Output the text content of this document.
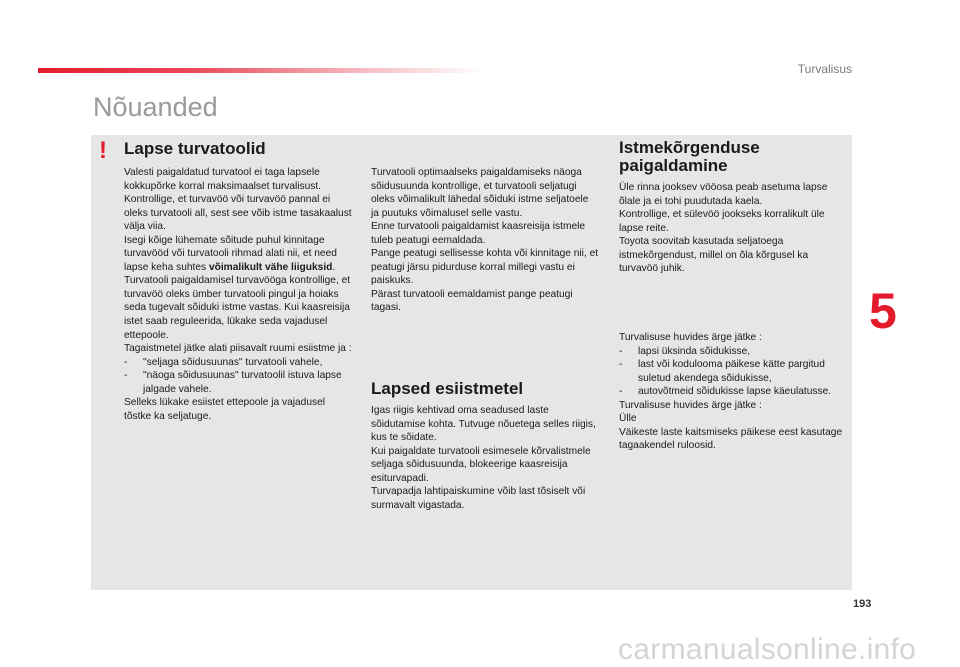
Turvalisus
Nõuanded
! Lapse turvatoolid

Valesti paigaldatud turvatool ei taga lapsele kokkupõrke korral maksimaalset turvalisust. Kontrollige, et turvavöö või turvavöö pannal ei oleks turvatooli all, sest see võib istme tasakaalust välja viia.

Isegi kõige lühemate sõitude puhul kinnitage turvavööd või turvatooli rihmad alati nii, et need lapse keha suhtes võimalikult vähe liiguksid.

Turvatooli paigaldamisel turvavööga kontrollige, et turvavöö oleks ümber turvatooli pingul ja hoiaks seda tugevalt sõiduki istme vastas. Kui kaasreisija istet saab reguleerida, lükake seda vajadusel ettepoole.

Tagaistmetel jätke alati piisavalt ruumi esiistme ja :

-	"seljaga sõidusuunas" turvatooli vahele,
-	"näoga sõidusuunas" turvatoolil istuva lapse jalgade vahele.

Selleks lükake esiistet ettepoole ja vajadusel tõstke ka seljatuge.

Turvatooli optimaalseks paigaldamiseks näoga sõidusuunda kontrollige, et turvatooli seljatugi oleks võimalikult lähedal sõiduki istme seljatoele ja puutuks võimalusel selle vastu.

Enne turvatooli paigaldamist kaasreisija istmele tuleb peatugi eemaldada.

Pange peatugi sellisesse kohta või kinnitage nii, et peatugi järsu pidurduse korral millegi vastu ei paiskuks.

Pärast turvatooli eemaldamist pange peatugi tagasi.

Lapsed esiistmetel

Igas riigis kehtivad oma seadused laste sõidutamise kohta. Tutvuge nõuetega selles riigis, kus te sõidate.

Kui paigaldate turvatooli esimesele kõrvalistmele seljaga sõidusuunda, blokeerige kaasreisija esiturvapadi.

Turvapadja lahtipaiskumine võib last tõsiselt või surmavalt vigastada.

Istmekõrgenduse paigaldamine

Üle rinna jooksev vööosa peab asetuma lapse õlale ja ei tohi puudutada kaela.

Kontrollige, et sülevöö jookseks korralikult üle lapse reite.

Toyota soovitab kasutada seljatoega istmekõrgendust, millel on õla kõrgusel ka turvavöö juhik.

Turvalisuse huvides ärge jätke :

-	lapsi üksinda sõidukisse,
-	last või koduloomа päikese kätte pargitud suletud akendega sõidukisse,
-	autovõtmeid sõidukisse lapse käeulatusse.

Turvalisuse huvides ärge jätke :

Ülle

Väikeste laste kaitsmiseks päikese eest kasutage tagaakendel ruloosid.

5
193
carmanualsonline.info
